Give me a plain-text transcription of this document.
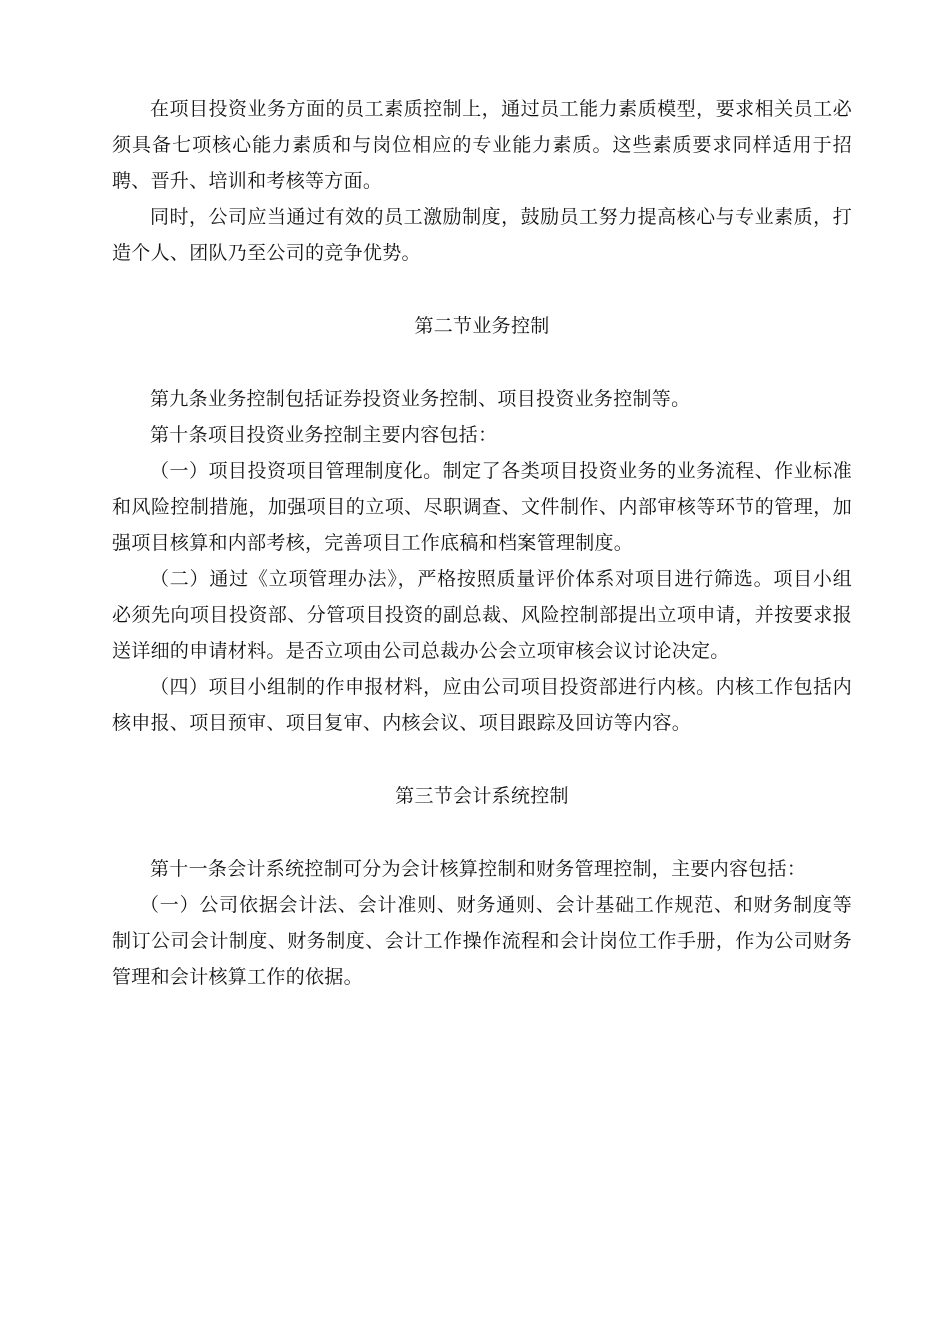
在项目投资业务方面的员工素质控制上，通过员工能力素质模型，要求相关员工必须具备七项核心能力素质和与岗位相应的专业能力素质。这些素质要求同样适用于招聘、晋升、培训和考核等方面。

同时，公司应当通过有效的员工激励制度，鼓励员工努力提高核心与专业素质，打造个人、团队乃至公司的竞争优势。

第二节业务控制

第九条业务控制包括证券投资业务控制、项目投资业务控制等。

第十条项目投资业务控制主要内容包括：

（一）项目投资项目管理制度化。制定了各类项目投资业务的业务流程、作业标准和风险控制措施，加强项目的立项、尽职调查、文件制作、内部审核等环节的管理，加强项目核算和内部考核，完善项目工作底稿和档案管理制度。

（二）通过《立项管理办法》，严格按照质量评价体系对项目进行筛选。项目小组必须先向项目投资部、分管项目投资的副总裁、风险控制部提出立项申请，并按要求报送详细的申请材料。是否立项由公司总裁办公会立项审核会议讨论决定。

（四）项目小组制的作申报材料，应由公司项目投资部进行内核。内核工作包括内核申报、项目预审、项目复审、内核会议、项目跟踪及回访等内容。

第三节会计系统控制

第十一条会计系统控制可分为会计核算控制和财务管理控制，主要内容包括：

（一）公司依据会计法、会计准则、财务通则、会计基础工作规范、和财务制度等制订公司会计制度、财务制度、会计工作操作流程和会计岗位工作手册，作为公司财务管理和会计核算工作的依据。
